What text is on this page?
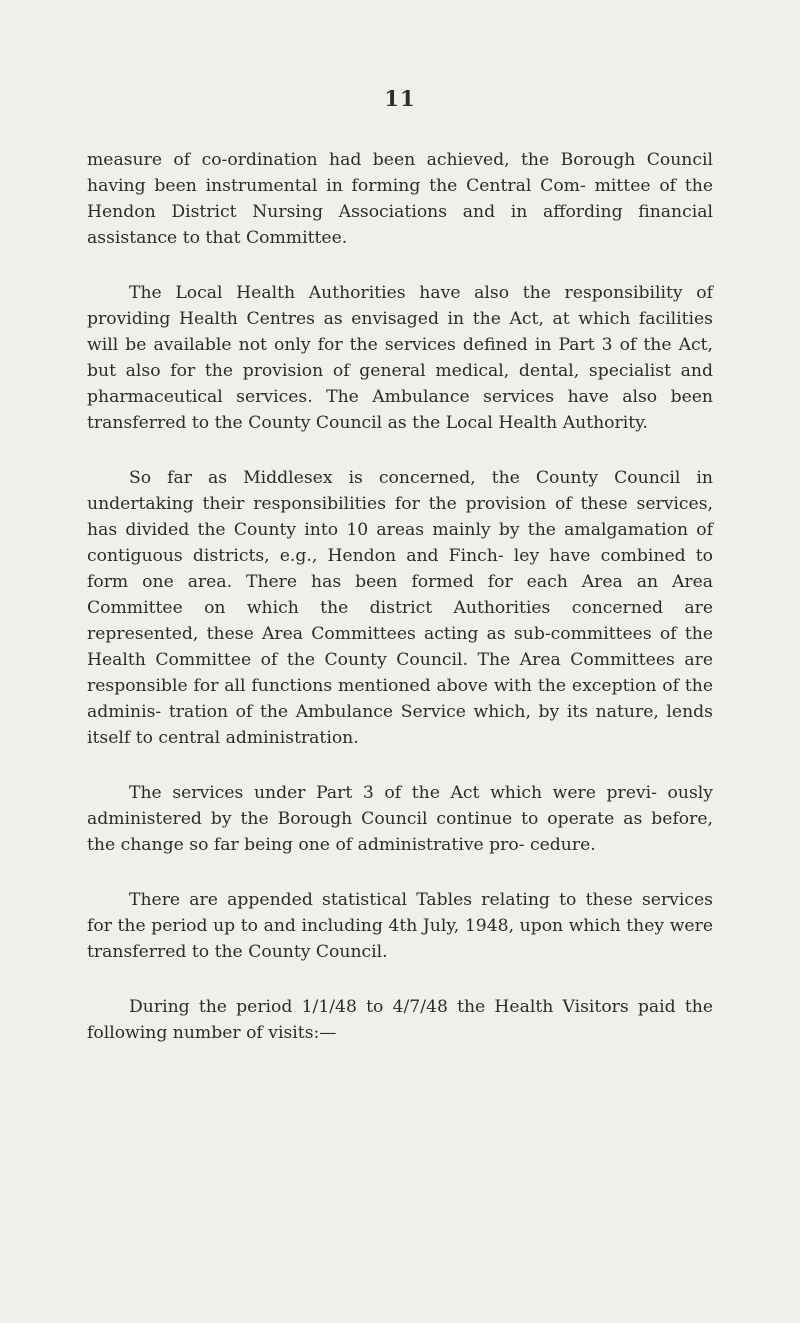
11

measure of co-ordination had been achieved, the Borough Council having been instrumental in forming the Central Com- mittee of the Hendon District Nursing Associations and in affording financial assistance to that Committee.

The Local Health Authorities have also the responsibility of providing Health Centres as envisaged in the Act, at which facilities will be available not only for the services defined in Part 3 of the Act, but also for the provision of general medical, dental, specialist and pharmaceutical services. The Ambulance services have also been transferred to the County Council as the Local Health Authority.

So far as Middlesex is concerned, the County Council in undertaking their responsibilities for the provision of these services, has divided the County into 10 areas mainly by the amalgamation of contiguous districts, e.g., Hendon and Finch- ley have combined to form one area. There has been formed for each Area an Area Committee on which the district Authorities concerned are represented, these Area Committees acting as sub-committees of the Health Committee of the County Council. The Area Committees are responsible for all functions mentioned above with the exception of the adminis- tration of the Ambulance Service which, by its nature, lends itself to central administration.

The services under Part 3 of the Act which were previ- ously administered by the Borough Council continue to operate as before, the change so far being one of administrative pro- cedure.

There are appended statistical Tables relating to these services for the period up to and including 4th July, 1948, upon which they were transferred to the County Council.

During the period 1/1/48 to 4/7/48 the Health Visitors paid the following number of visits:—
